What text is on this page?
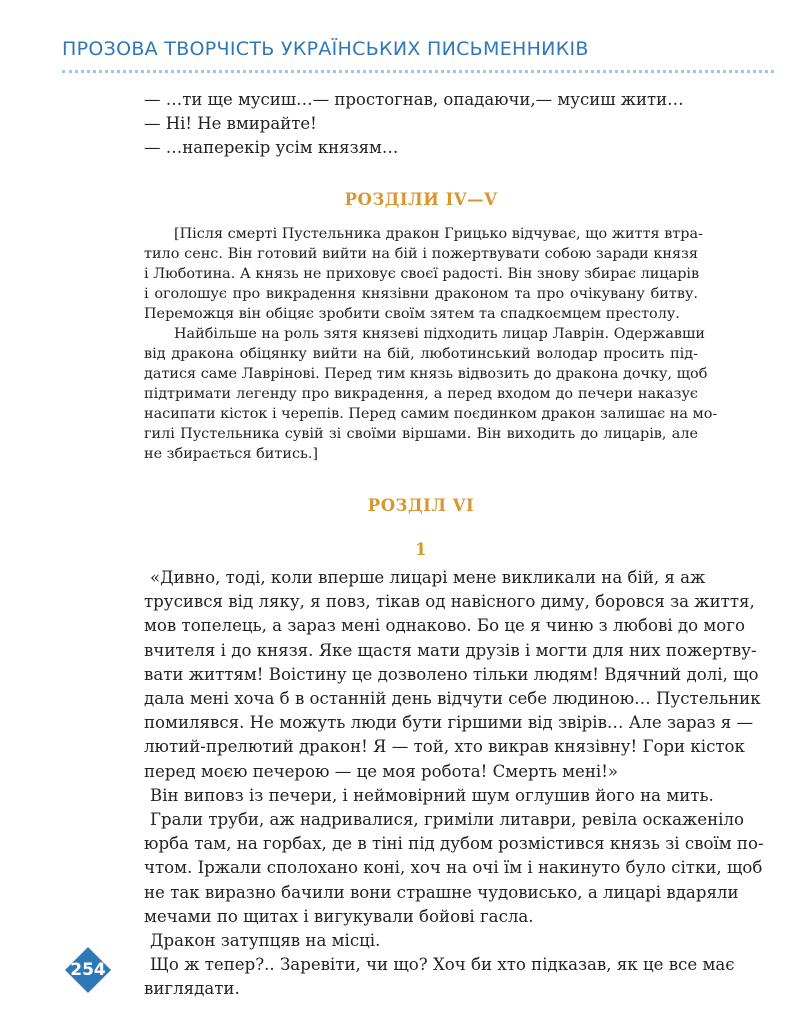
ПРОЗОВА ТВОРЧІСТЬ УКРАЇНСЬКИХ ПИСЬМЕННИКІВ
— …ти ще мусиш…— простогнав, опадаючи,— мусиш жити…
— Ні! Не вмирайте!
— …наперекір усім князям…
РОЗДІЛИ IV—V
[Після смерті Пустельника дракон Грицько відчуває, що життя втра-
тило сенс. Він готовий вийти на бій і пожертвувати собою заради князя
і Люботина. А князь не приховує своєї радості. Він знову збирає лицарів
і оголошує про викрадення князівни драконом та про очікувану битву.
Переможця він обіцяє зробити своїм зятем та спадкоємцем престолу.
Найбільше на роль зятя князеві підходить лицар Лаврін. Одержавши
від дракона обіцянку вийти на бій, люботинський володар просить під-
датися саме Лаврінові. Перед тим князь відвозить до дракона дочку, щоб
підтримати легенду про викрадення, а перед входом до печери наказує
насипати кісток і черепів. Перед самим поєдинком дракон залишає на мо-
гилі Пустельника сувій зі своїми віршами. Він виходить до лицарів, але
не збирається битись.]
РОЗДІЛ VI
1
«Дивно, тоді, коли вперше лицарі мене викликали на бій, я аж
трусився від ляку, я повз, тікав од навісного диму, боровся за життя,
мов топелець, а зараз мені однаково. Бо це я чиню з любові до мого
вчителя і до князя. Яке щастя мати друзів і могти для них пожертву-
вати життям! Воістину це дозволено тільки людям! Вдячний долі, що
дала мені хоча б в останній день відчути себе людиною… Пустельник
помилявся. Не можуть люди бути гіршими від звірів… Але зараз я —
лютий-прелютий дракон! Я — той, хто викрав князівну! Гори кісток
перед моєю печерою — це моя робота! Смерть мені!»
Він виповз із печери, і неймовірний шум оглушив його на мить.
Грали труби, аж надривалися, гриміли литаври, ревіла оскаженіло
юрба там, на горбах, де в тіні під дубом розмістився князь зі своїм по-
чтом. Іржали сполохано коні, хоч на очі їм і накинуто було сітки, щоб
не так виразно бачили вони страшне чудовисько, а лицарі вдаряли
мечами по щитах і вигукували бойові гасла.
Дракон затупцяв на місці.
Що ж тепер?.. Заревіти, чи що? Хоч би хто підказав, як це все має
виглядати.
254
